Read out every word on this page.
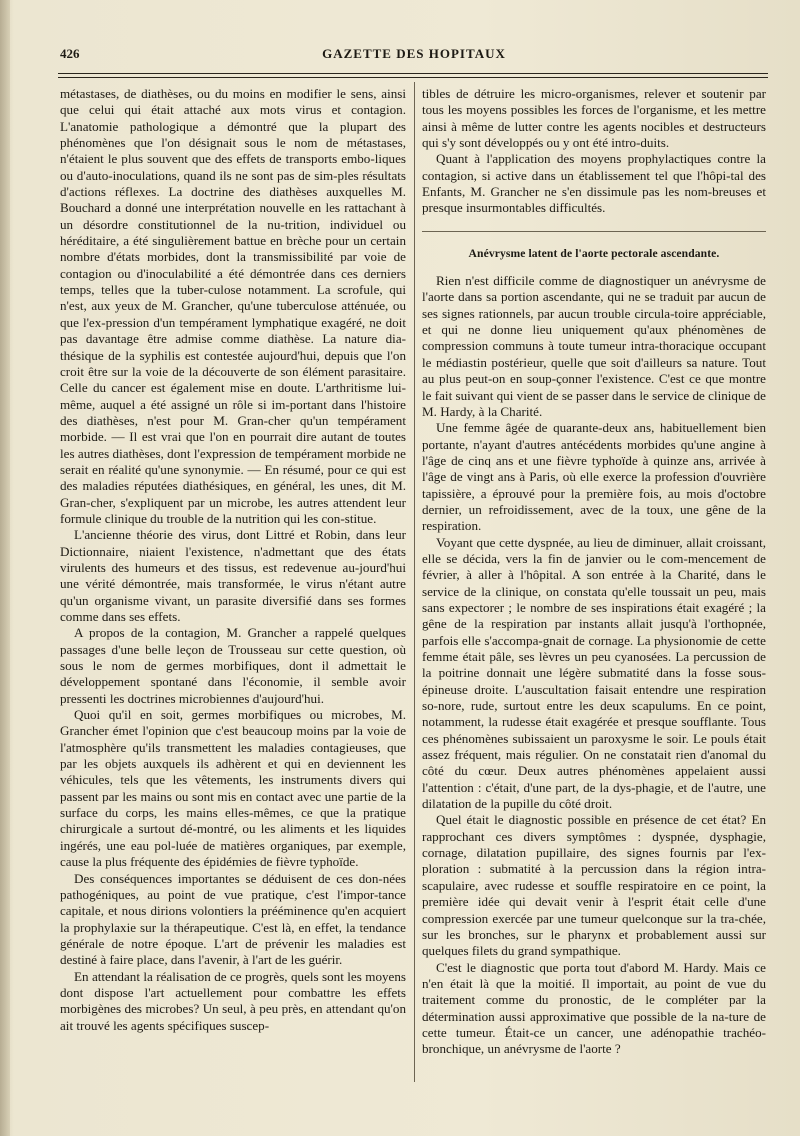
426	GAZETTE DES HOPITAUX

métastases, de diathèses, ou du moins en modifier le sens, ainsi que celui qui était attaché aux mots virus et contagion. L'anatomie pathologique a démontré que la plupart des phénomènes que l'on désignait sous le nom de métastases, n'étaient le plus souvent que des effets de transports embo-liques ou d'auto-inoculations, quand ils ne sont pas de sim-ples résultats d'actions réflexes. La doctrine des diathèses auxquelles M. Bouchard a donné une interprétation nouvelle en les rattachant à un désordre constitutionnel de la nu-trition, individuel ou héréditaire, a été singulièrement battue en brèche pour un certain nombre d'états morbides, dont la transmissibilité par voie de contagion ou d'inoculabilité a été démontrée dans ces derniers temps, telles que la tuber-culose notamment. La scrofule, qui n'est, aux yeux de M. Grancher, qu'une tuberculose atténuée, ou que l'ex-pression d'un tempérament lymphatique exagéré, ne doit pas davantage être admise comme diathèse. La nature dia-thésique de la syphilis est contestée aujourd'hui, depuis que l'on croit être sur la voie de la découverte de son élément parasitaire. Celle du cancer est également mise en doute. L'arthritisme lui-même, auquel a été assigné un rôle si im-portant dans l'histoire des diathèses, n'est pour M. Gran-cher qu'un tempérament morbide. — Il est vrai que l'on en pourrait dire autant de toutes les autres diathèses, dont l'expression de tempérament morbide ne serait en réalité qu'une synonymie. — En résumé, pour ce qui est des maladies réputées diathésiques, en général, les unes, dit M. Gran-cher, s'expliquent par un microbe, les autres attendent leur formule clinique du trouble de la nutrition qui les con-stitue.

L'ancienne théorie des virus, dont Littré et Robin, dans leur Dictionnaire, niaient l'existence, n'admettant que des états virulents des humeurs et des tissus, est redevenue au-jourd'hui une vérité démontrée, mais transformée, le virus n'étant autre qu'un organisme vivant, un parasite diversifié dans ses formes comme dans ses effets.

A propos de la contagion, M. Grancher a rappelé quelques passages d'une belle leçon de Trousseau sur cette question, où sous le nom de germes morbifiques, dont il admettait le développement spontané dans l'économie, il semble avoir pressenti les doctrines microbiennes d'aujourd'hui.

Quoi qu'il en soit, germes morbifiques ou microbes, M. Grancher émet l'opinion que c'est beaucoup moins par la voie de l'atmosphère qu'ils transmettent les maladies contagieuses, que par les objets auxquels ils adhèrent et qui en deviennent les véhicules, tels que les vêtements, les instruments divers qui passent par les mains ou sont mis en contact avec une partie de la surface du corps, les mains elles-mêmes, ce que la pratique chirurgicale a surtout dé-montré, ou les aliments et les liquides ingérés, une eau pol-luée de matières organiques, par exemple, cause la plus fréquente des épidémies de fièvre typhoïde.

Des conséquences importantes se déduisent de ces don-nées pathogéniques, au point de vue pratique, c'est l'impor-tance capitale, et nous dirions volontiers la prééminence qu'en acquiert la prophylaxie sur la thérapeutique. C'est là, en effet, la tendance générale de notre époque. L'art de prévenir les maladies est destiné à faire place, dans l'avenir, à l'art de les guérir.

En attendant la réalisation de ce progrès, quels sont les moyens dont dispose l'art actuellement pour combattre les effets morbigènes des microbes? Un seul, à peu près, en attendant qu'on ait trouvé les agents spécifiques suscep-

tibles de détruire les micro-organismes, relever et soutenir par tous les moyens possibles les forces de l'organisme, et les mettre ainsi à même de lutter contre les agents nocibles et destructeurs qui s'y sont développés ou y ont été intro-duits.

Quant à l'application des moyens prophylactiques contre la contagion, si active dans un établissement tel que l'hôpi-tal des Enfants, M. Grancher ne s'en dissimule pas les nom-breuses et presque insurmontables difficultés.

Anévrysme latent de l'aorte pectorale ascendante.

Rien n'est difficile comme de diagnostiquer un anévrysme de l'aorte dans sa portion ascendante, qui ne se traduit par aucun de ses signes rationnels, par aucun trouble circula-toire appréciable, et qui ne donne lieu uniquement qu'aux phénomènes de compression communs à toute tumeur intra-thoracique occupant le médiastin postérieur, quelle que soit d'ailleurs sa nature. Tout au plus peut-on en soup-çonner l'existence. C'est ce que montre le fait suivant qui vient de se passer dans le service de clinique de M. Hardy, à la Charité.

Une femme âgée de quarante-deux ans, habituellement bien portante, n'ayant d'autres antécédents morbides qu'une angine à l'âge de cinq ans et une fièvre typhoïde à quinze ans, arrivée à l'âge de vingt ans à Paris, où elle exerce la profession d'ouvrière tapissière, a éprouvé pour la première fois, au mois d'octobre dernier, un refroidissement, avec de la toux, une gêne de la respiration.

Voyant que cette dyspnée, au lieu de diminuer, allait croissant, elle se décida, vers la fin de janvier ou le com-mencement de février, à aller à l'hôpital. A son entrée à la Charité, dans le service de la clinique, on constata qu'elle toussait un peu, mais sans expectorer ; le nombre de ses inspirations était exagéré ; la gêne de la respiration par instants allait jusqu'à l'orthopnée, parfois elle s'accompa-gnait de cornage. La physionomie de cette femme était pâle, ses lèvres un peu cyanosées. La percussion de la poitrine donnait une légère submatité dans la fosse sous-épineuse droite. L'auscultation faisait entendre une respiration so-nore, rude, surtout entre les deux scapulums. En ce point, notamment, la rudesse était exagérée et presque soufflante. Tous ces phénomènes subissaient un paroxysme le soir. Le pouls était assez fréquent, mais régulier. On ne constatait rien d'anomal du côté du cœur. Deux autres phénomènes appelaient aussi l'attention : c'était, d'une part, de la dys-phagie, et de l'autre, une dilatation de la pupille du côté droit.

Quel était le diagnostic possible en présence de cet état? En rapprochant ces divers symptômes : dyspnée, dysphagie, cornage, dilatation pupillaire, des signes fournis par l'ex-ploration : submatité à la percussion dans la région intra-scapulaire, avec rudesse et souffle respiratoire en ce point, la première idée qui devait venir à l'esprit était celle d'une compression exercée par une tumeur quelconque sur la tra-chée, sur les bronches, sur le pharynx et probablement aussi sur quelques filets du grand sympathique.

C'est le diagnostic que porta tout d'abord M. Hardy. Mais ce n'en était là que la moitié. Il importait, au point de vue du traitement comme du pronostic, de le compléter par la détermination aussi approximative que possible de la na-ture de cette tumeur. Était-ce un cancer, une adénopathie trachéo-bronchique, un anévrysme de l'aorte ?
